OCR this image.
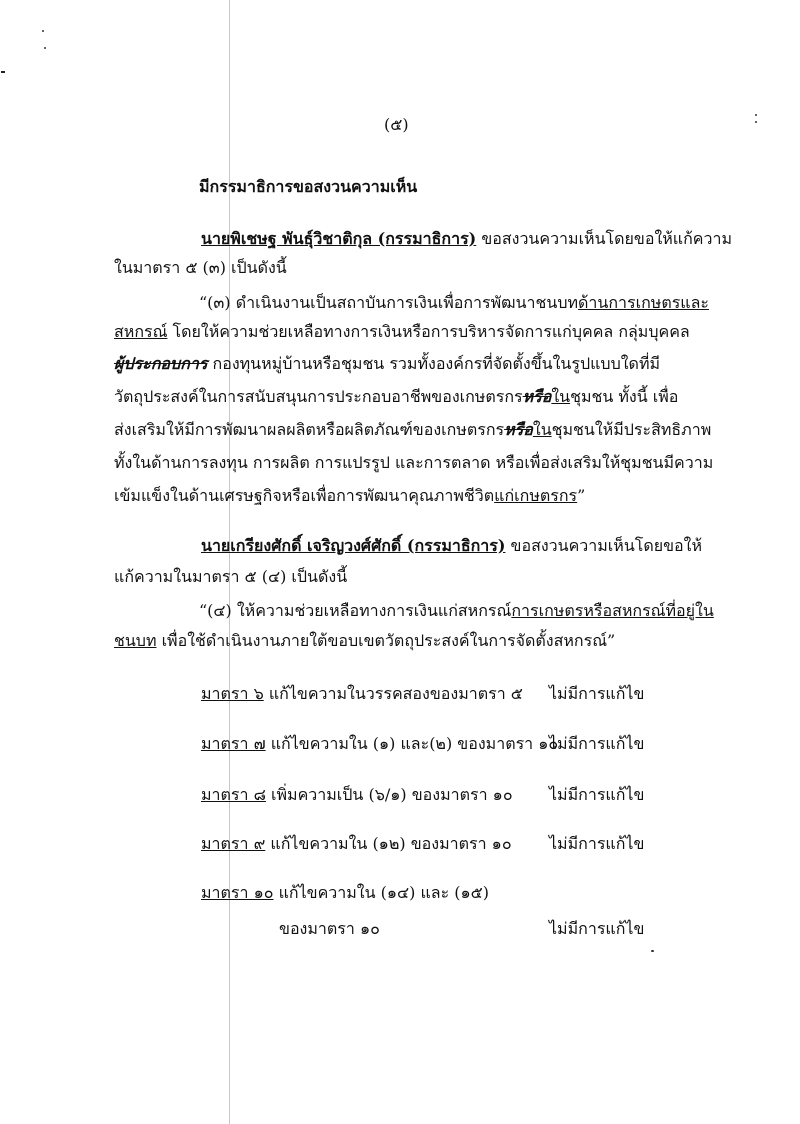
(๕)
มีกรรมาธิการขอสงวนความเห็น
นายพิเชษฐ พันธุ์วิชาติกุล (กรรมาธิการ) ขอสงวนความเห็นโดยขอให้แก้ความ
ในมาตรา ๕ (๓) เป็นดังนี้
“(๓) ดำเนินงานเป็นสถาบันการเงินเพื่อการพัฒนาชนบทด้านการเกษตรและ
สหกรณ์ โดยให้ความช่วยเหลือทางการเงินหรือการบริหารจัดการแก่บุคคล กลุ่มบุคคล
ผู้ประกอบการ กองทุนหมู่บ้านหรือชุมชน รวมทั้งองค์กรที่จัดตั้งขึ้นในรูปแบบใดที่มี
วัตถุประสงค์ในการสนับสนุนการประกอบอาชีพของเกษตรกรหรือในชุมชน ทั้งนี้ เพื่อ
ส่งเสริมให้มีการพัฒนาผลผลิตหรือผลิตภัณฑ์ของเกษตรกรหรือในชุมชนให้มีประสิทธิภาพ
ทั้งในด้านการลงทุน การผลิต การแปรรูป และการตลาด หรือเพื่อส่งเสริมให้ชุมชนมีความ
เข้มแข็งในด้านเศรษฐกิจหรือเพื่อการพัฒนาคุณภาพชีวิตแก่เกษตรกร”
นายเกรียงศักดิ์ เจริญวงศ์ศักดิ์ (กรรมาธิการ) ขอสงวนความเห็นโดยขอให้
แก้ความในมาตรา ๕ (๔) เป็นดังนี้
“(๔) ให้ความช่วยเหลือทางการเงินแก่สหกรณ์การเกษตรหรือสหกรณ์ที่อยู่ใน
ชนบท เพื่อใช้ดำเนินงานภายใต้ขอบเขตวัตถุประสงค์ในการจัดตั้งสหกรณ์”
มาตรา ๖ แก้ไขความในวรรคสองของมาตรา ๕ ไม่มีการแก้ไข
มาตรา ๗ แก้ไขความใน (๑) และ(๒) ของมาตรา ๑๐
ไม่มีการแก้ไข
มาตรา ๘ เพิ่มความเป็น (๖/๑) ของมาตรา ๑๐ ไม่มีการแก้ไข
มาตรา ๙ แก้ไขความใน (๑๒) ของมาตรา ๑๐ ไม่มีการแก้ไข
มาตรา ๑๐ แก้ไขความใน (๑๔) และ (๑๕)
ของมาตรา ๑๐	ไม่มีการแก้ไข
